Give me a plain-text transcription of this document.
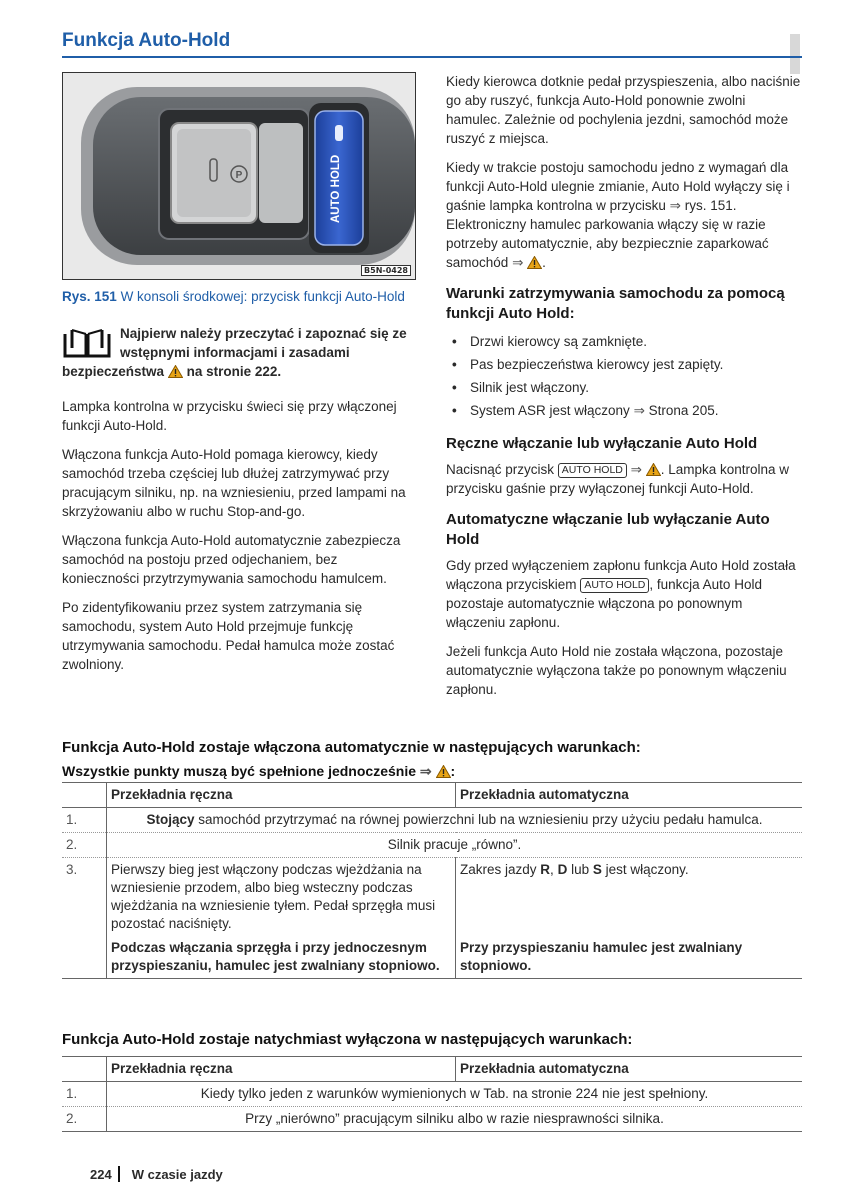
Funkcja Auto-Hold
P	AUTO HOLD
B5N-0428
Rys. 151 W konsoli środkowej: przycisk funkcji Auto-Hold
Najpierw należy przeczytać i zapoznać się ze wstępnymi informacjami i zasadami bezpieczeństwa na stronie 222.

Lampka kontrolna w przycisku świeci się przy włączonej funkcji Auto-Hold.

Włączona funkcja Auto-Hold pomaga kierowcy, kiedy samochód trzeba częściej lub dłużej zatrzymywać przy pracującym silniku, np. na wzniesieniu, przed lampami na skrzyżowaniu albo w ruchu Stop-and-go.

Włączona funkcja Auto-Hold automatycznie zabezpiecza samochód na postoju przed odjechaniem, bez konieczności przytrzymywania samochodu hamulcem.

Po zidentyfikowaniu przez system zatrzymania się samochodu, system Auto Hold przejmuje funkcję utrzymywania samochodu. Pedał hamulca może zostać zwolniony.

Kiedy kierowca dotknie pedał przyspieszenia, albo naciśnie go aby ruszyć, funkcja Auto-Hold ponownie zwolni hamulec. Zależnie od pochylenia jezdni, samochód może ruszyć z miejsca.

Kiedy w trakcie postoju samochodu jedno z wymagań dla funkcji Auto-Hold ulegnie zmianie, Auto Hold wyłączy się i gaśnie lampka kontrolna w przycisku ⇒ rys. 151. Elektroniczny hamulec parkowania włączy się w razie potrzeby automatycznie, aby bezpiecznie zaparkować samochód ⇒ .

Warunki zatrzymywania samochodu za pomocą funkcji Auto Hold:
• Drzwi kierowcy są zamknięte.
• Pas bezpieczeństwa kierowcy jest zapięty.
• Silnik jest włączony.
• System ASR jest włączony ⇒ Strona 205.
Ręczne włączanie lub wyłączanie Auto Hold

Nacisnąć przycisk AUTO HOLD ⇒ . Lampka kontrolna w przycisku gaśnie przy wyłączonej funkcji Auto-Hold.

Automatyczne włączanie lub wyłączanie Auto Hold

Gdy przed wyłączeniem zapłonu funkcja Auto Hold została włączona przyciskiem AUTO HOLD , funkcja Auto Hold pozostaje automatycznie włączona po ponownym włączeniu zapłonu.

Jeżeli funkcja Auto Hold nie została włączona, pozostaje automatycznie wyłączona także po ponownym włączeniu zapłonu.

Funkcja Auto-Hold zostaje włączona automatycznie w następujących warunkach:
Wszystkie punkty muszą być spełnione jednocześnie ⇒ :
	Przekładnia ręczna	Przekładnia automatyczna
1.	Stojący samochód przytrzymać na równej powierzchni lub na wzniesieniu przy użyciu pedału hamulca.	
2.	Silnik pracuje „równo”.	
3.	Pierwszy bieg jest włączony podczas wjeżdżania na wzniesienie przodem, albo bieg wsteczny podczas wjeżdżania na wzniesienie tyłem. Pedał sprzęgła musi pozostać naciśnięty.	Zakres jazdy R, D lub S jest włączony.
	Podczas włączania sprzęgła i przy jednoczesnym przyspieszaniu, hamulec jest zwalniany stopniowo.	Przy przyspieszaniu hamulec jest zwalniany stopniowo.
Funkcja Auto-Hold zostaje natychmiast wyłączona w następujących warunkach:
	Przekładnia ręczna	Przekładnia automatyczna
1.	Kiedy tylko jeden z warunków wymienionych w Tab. na stronie 224 nie jest spełniony.	
2.	Przy „nierówno” pracującym silniku albo w razie niesprawności silnika.	
224 W czasie jazdy
